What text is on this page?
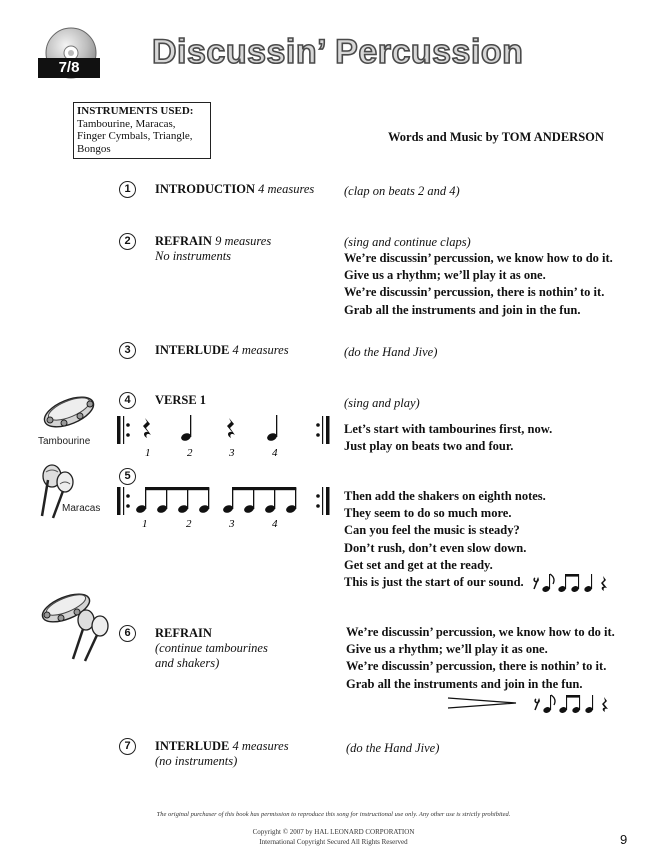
7/8	Discussin’ Percussion
INSTRUMENTS USED:
Tambourine, Maracas,
Finger Cymbals, Triangle,
Bongos
Words and Music by TOM ANDERSON
1	INTRODUCTION 4 measures (clap on beats 2 and 4)
2	REFRAIN 9 measures
No instruments
(sing and continue claps)
We’re discussin’ percussion, we know how to do it.
Give us a rhythm; we’ll play it as one.
We’re discussin’ percussion, there is nothin’ to it.
Grab all the instruments and join in the fun.
3	INTERLUDE 4 measures	(do the Hand Jive)
Tambourine
4	VERSE 1	(sing and play)
1	2	3	4
Let’s start with tambourines first, now.
Just play on beats two and four.
Maracas
5
1	2	3	4
Then add the shakers on eighth notes.
They seem to do so much more.
Can you feel the music is steady?
Don’t rush, don’t even slow down.
Get set and get at the ready.
This is just the start of our sound.
6	REFRAIN
(continue tambourines
and shakers)
We’re discussin’ percussion, we know how to do it.
Give us a rhythm; we’ll play it as one.
We’re discussin’ percussion, there is nothin’ to it.
Grab all the instruments and join in the fun.
7	INTERLUDE 4 measures
(no instruments)
(do the Hand Jive)
The original purchaser of this book has permission to reproduce this song for instructional use only. Any other use is strictly prohibited.
Copyright © 2007 by HAL LEONARD CORPORATION
International Copyright Secured All Rights Reserved	9
